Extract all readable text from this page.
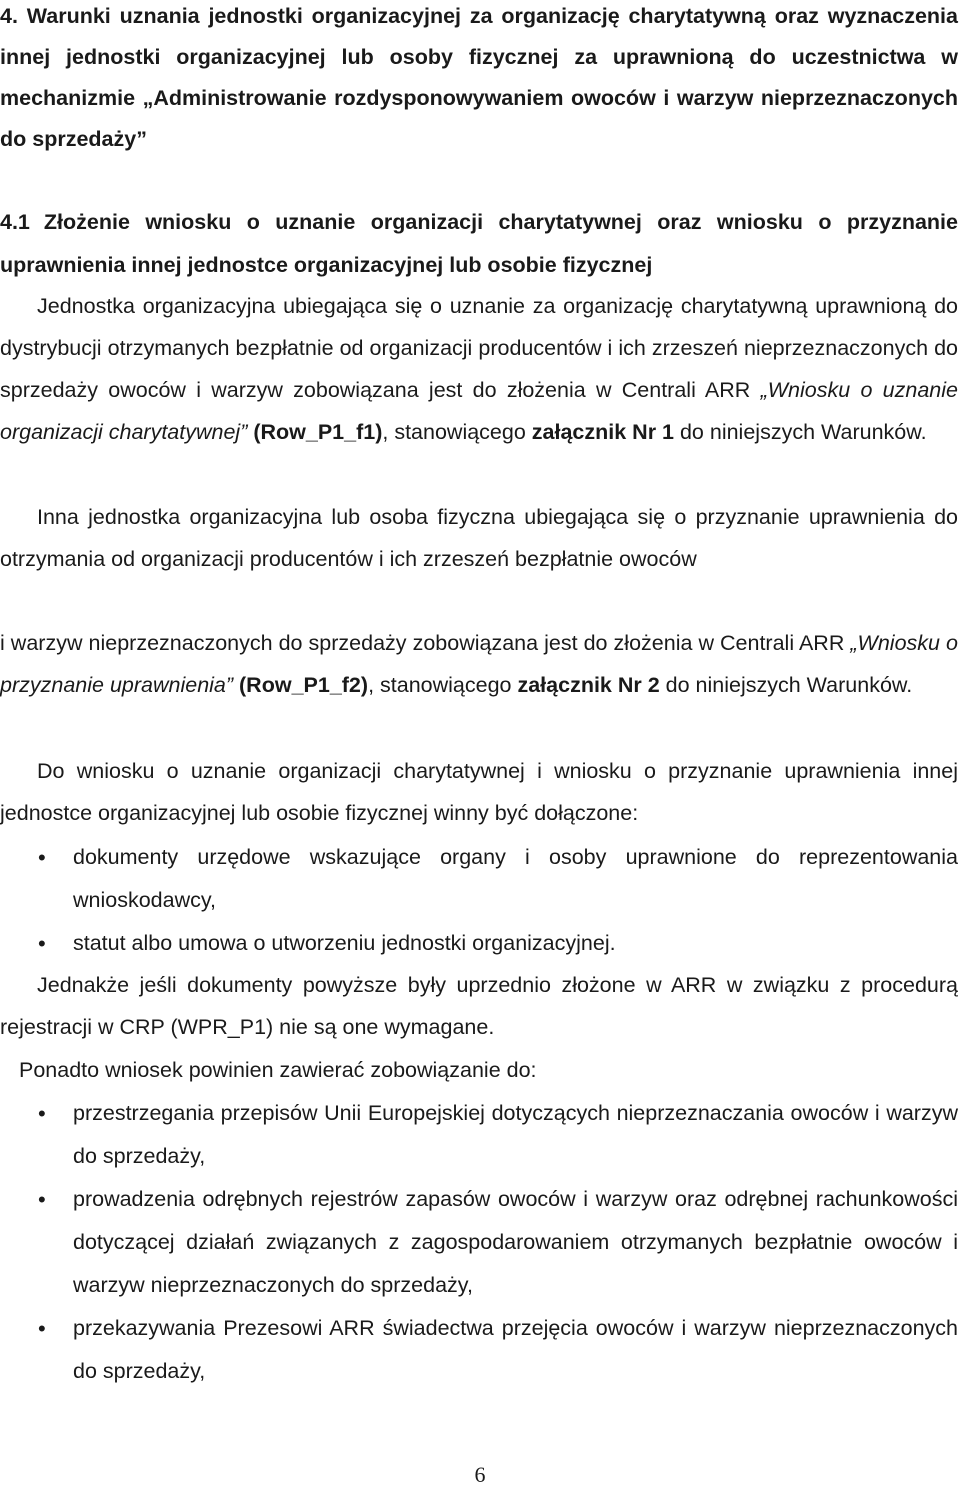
4. Warunki uznania jednostki organizacyjnej za organizację charytatywną oraz wyznaczenia innej jednostki organizacyjnej lub osoby fizycznej za uprawnioną do uczestnictwa w mechanizmie „Administrowanie rozdysponowywaniem owoców i warzyw nieprzeznaczonych do sprzedaży”
4.1 Złożenie wniosku o uznanie organizacji charytatywnej oraz wniosku o przyznanie uprawnienia innej jednostce organizacyjnej lub osobie fizycznej
Jednostka organizacyjna ubiegająca się o uznanie za organizację charytatywną uprawnioną do dystrybucji otrzymanych bezpłatnie od organizacji producentów i ich zrzeszeń nieprzeznaczonych do sprzedaży owoców i warzyw zobowiązana jest do złożenia w Centrali ARR „Wniosku o uznanie organizacji charytatywnej” (Row_P1_f1), stanowiącego załącznik Nr 1 do niniejszych Warunków.
Inna jednostka organizacyjna lub osoba fizyczna ubiegająca się o przyznanie uprawnienia do otrzymania od organizacji producentów i ich zrzeszeń bezpłatnie owoców
i warzyw nieprzeznaczonych do sprzedaży zobowiązana jest do złożenia w Centrali ARR „Wniosku o przyznanie uprawnienia” (Row_P1_f2), stanowiącego załącznik Nr 2 do niniejszych Warunków.
Do wniosku o uznanie organizacji charytatywnej i wniosku o przyznanie uprawnienia innej jednostce organizacyjnej lub osobie fizycznej winny być dołączone:
• dokumenty urzędowe wskazujące organy i osoby uprawnione do reprezentowania wnioskodawcy,
• statut albo umowa o utworzeniu jednostki organizacyjnej.
Jednakże jeśli dokumenty powyższe były uprzednio złożone w ARR w związku z procedurą rejestracji w CRP (WPR_P1) nie są one wymagane.
Ponadto wniosek powinien zawierać zobowiązanie do:
• przestrzegania przepisów Unii Europejskiej dotyczących nieprzeznaczania owoców i warzyw do sprzedaży,
• prowadzenia odrębnych rejestrów zapasów owoców i warzyw oraz odrębnej rachunkowości dotyczącej działań związanych z zagospodarowaniem otrzymanych bezpłatnie owoców i warzyw nieprzeznaczonych do sprzedaży,
• przekazywania Prezesowi ARR świadectwa przejęcia owoców i warzyw nieprzeznaczonych do sprzedaży,
6
